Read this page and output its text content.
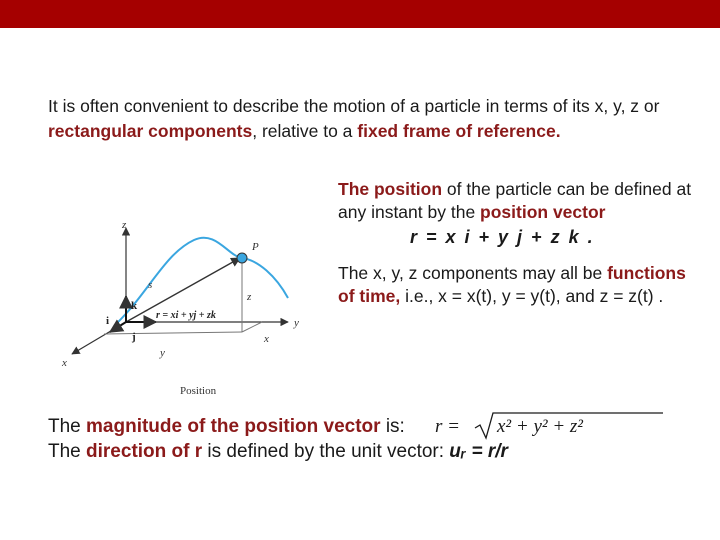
It is often convenient to describe the motion of a particle in terms of its x, y, z or rectangular components, relative to a fixed frame of reference.

The position of the particle can be defined at any instant by the position vector

r = x i + y j + z k .

The x, y, z components may all be functions of time, i.e., x = x(t), y = y(t), and z = z(t) .

z
y
x
P
s
k
i
j
r = xi + yj + zk
z
x
y
Position
The magnitude of the position vector is: r = x² + y² + z²
The direction of r is defined by the unit vector: uᵣ = r/r
